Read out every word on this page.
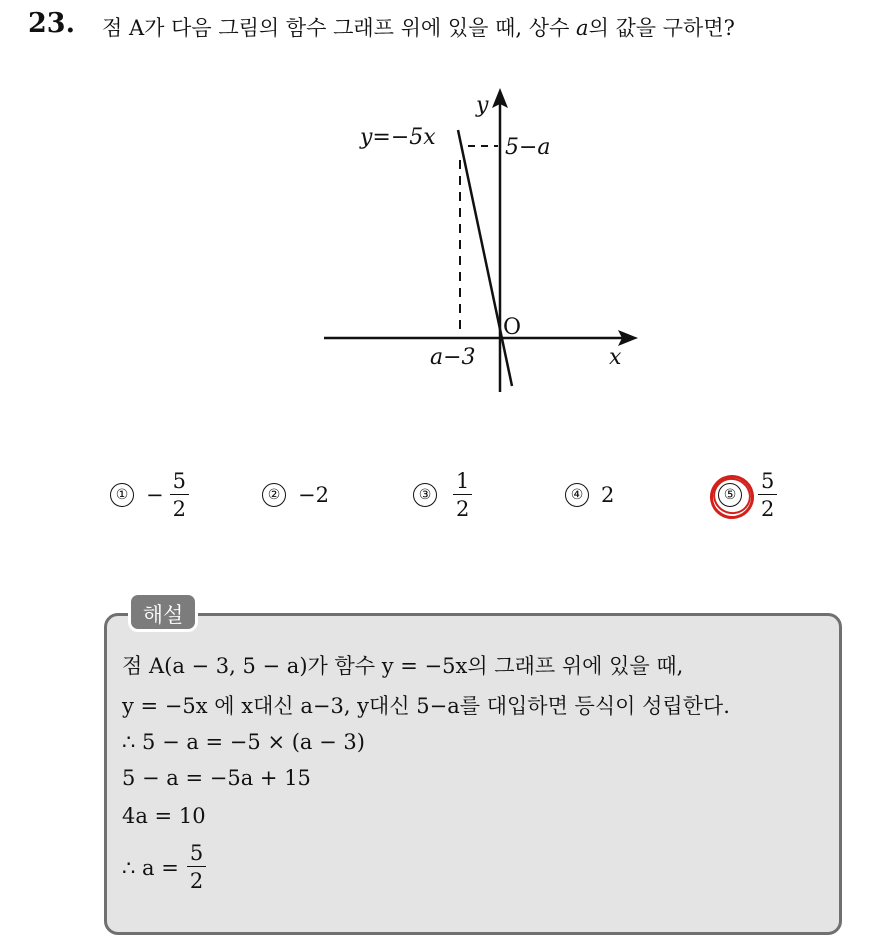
23. 점 A가 다음 그림의 함수 그래프 위에 있을 때, 상수 a의 값을 구하면?
y
y=−5x	5−a
O
a−3	x
① − $\frac{5}{2}$	② −2	③ $\frac{1}{2}$	④ 2	⑤ $\frac{5}{2}$
해설
점 A(a − 3, 5 − a)가 함수 y = −5x의 그래프 위에 있을 때,
y = −5x 에 x대신 a−3, y대신 5−a를 대입하면 등식이 성립한다.
∴ 5 − a = −5 × (a − 3)
5 − a = −5a + 15
4a = 10
∴ $a = \frac{5}{2}$
